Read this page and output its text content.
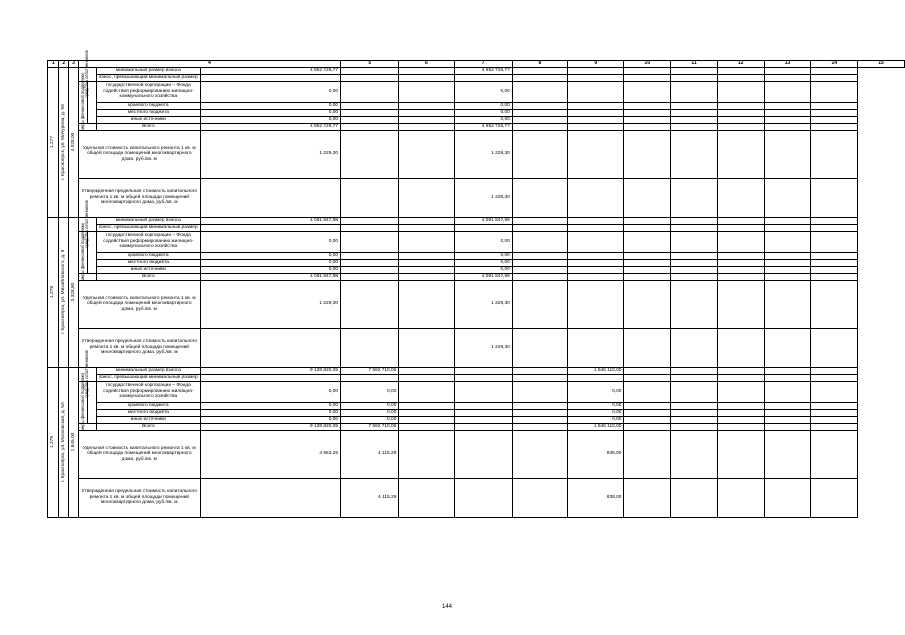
1	2	3	4				5	6	7	8	9	10	11	12	13	14	15

1.277	г. Красноярск, ул. Мичурина, д. 59	4 028,00	средства собственников		минимальный размер взноса	4 952 726,77			4 952 726,77								
					взнос, превышающий минимальный размер												

			меры финансовой поддержки		государственной корпорации – Фонда содействия реформированию жилищно-коммунального хозяйства	0,00			0,00								
					краевого бюджета	0,00			0,00								
					местного бюджета	0,00			0,00								
					иные источники	0,00			0,00								
					Всего	4 952 726,77			4 952 726,77								
			Удельная стоимость капитального ремонта 1 кв. м общей площади помещений многоквартирного дома, руб./кв. м			1 229,30			1 229,30								
			Утвержденная предельная стоимость капитального ремонта 1 кв. м общей площади помещений многоквартирного дома, руб./кв. м						1 229,30								

1.278	г. Красноярск, ул. Михайловского, д. 9	3 328,80	средства собственников		минимальный размер взноса	4 091 847,98			4 091 847,98								
					взнос, превышающий минимальный размер												

			меры финансовой поддержки		государственной корпорации – Фонда содействия реформированию жилищно-коммунального хозяйства	0,00			0,00								
					краевого бюджета	0,00			0,00								
					местного бюджета	0,00			0,00								
					иные источники	0,00			0,00								
					Всего	4 091 847,98			4 091 847,98								
			Удельная стоимость капитального ремонта 1 кв. м общей площади помещений многоквартирного дома, руб./кв. м			1 229,30			1 229,30								
			Утвержденная предельная стоимость капитального ремонта 1 кв. м общей площади помещений многоквартирного дома, руб./кв. м						1 229,30								

1.279	г. Красноярск, ул. Московская, д. 5А	1 845,00	средства собственников		минимальный размер взноса	9 138 820,05	7 592 710,05				1 546 110,00						
					взнос, превышающий минимальный размер												

			меры финансовой поддержки		государственной корпорации – Фонда содействия реформированию жилищно-коммунального хозяйства	0,00	0,00				0,00						
					краевого бюджета	0,00	0,00				0,00						
					местного бюджета	0,00	0,00				0,00						
					иные источники	0,00	0,00				0,00						
					Всего	9 138 820,05	7 592 710,05				1 546 110,00						
			Удельная стоимость капитального ремонта 1 кв. м общей площади помещений многоквартирного дома, руб./кв. м			4 953,29	4 115,29				838,00						
			Утвержденная предельная стоимость капитального ремонта 1 кв. м общей площади помещений многоквартирного дома, руб./кв. м				4 115,29				838,00						
144
